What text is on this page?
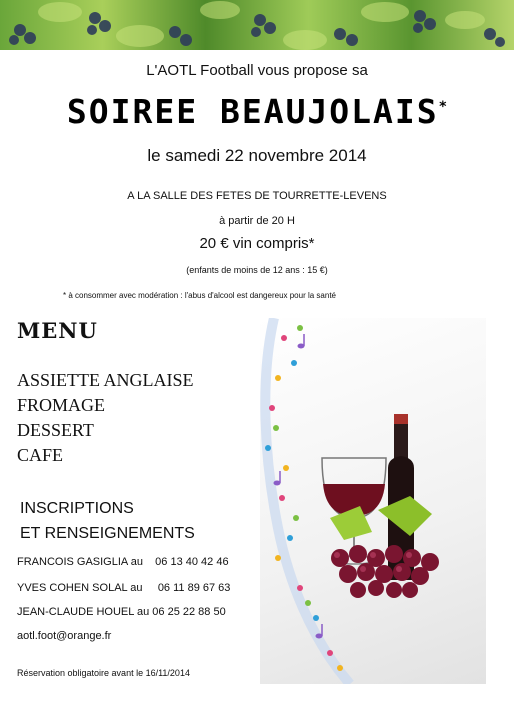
L'AOTL Football vous propose sa
SOIREE BEAUJOLAIS*
le samedi 22 novembre 2014
A LA SALLE DES FETES DE TOURRETTE-LEVENS
à partir de 20 H
20 € vin compris*
(enfants de moins de 12 ans : 15 €)
* à consommer avec modération : l'abus d'alcool est dangereux pour la santé
MENU
ASSIETTE ANGLAISE
FROMAGE
DESSERT
CAFE
INSCRIPTIONS
ET RENSEIGNEMENTS
FRANCOIS GASIGLIA au    06 13 40 42 46
YVES COHEN SOLAL au     06 11 89 67 63
JEAN-CLAUDE HOUEL au 06 25 22 88 50
aotl.foot@orange.fr
Réservation obligatoire avant le 16/11/2014
